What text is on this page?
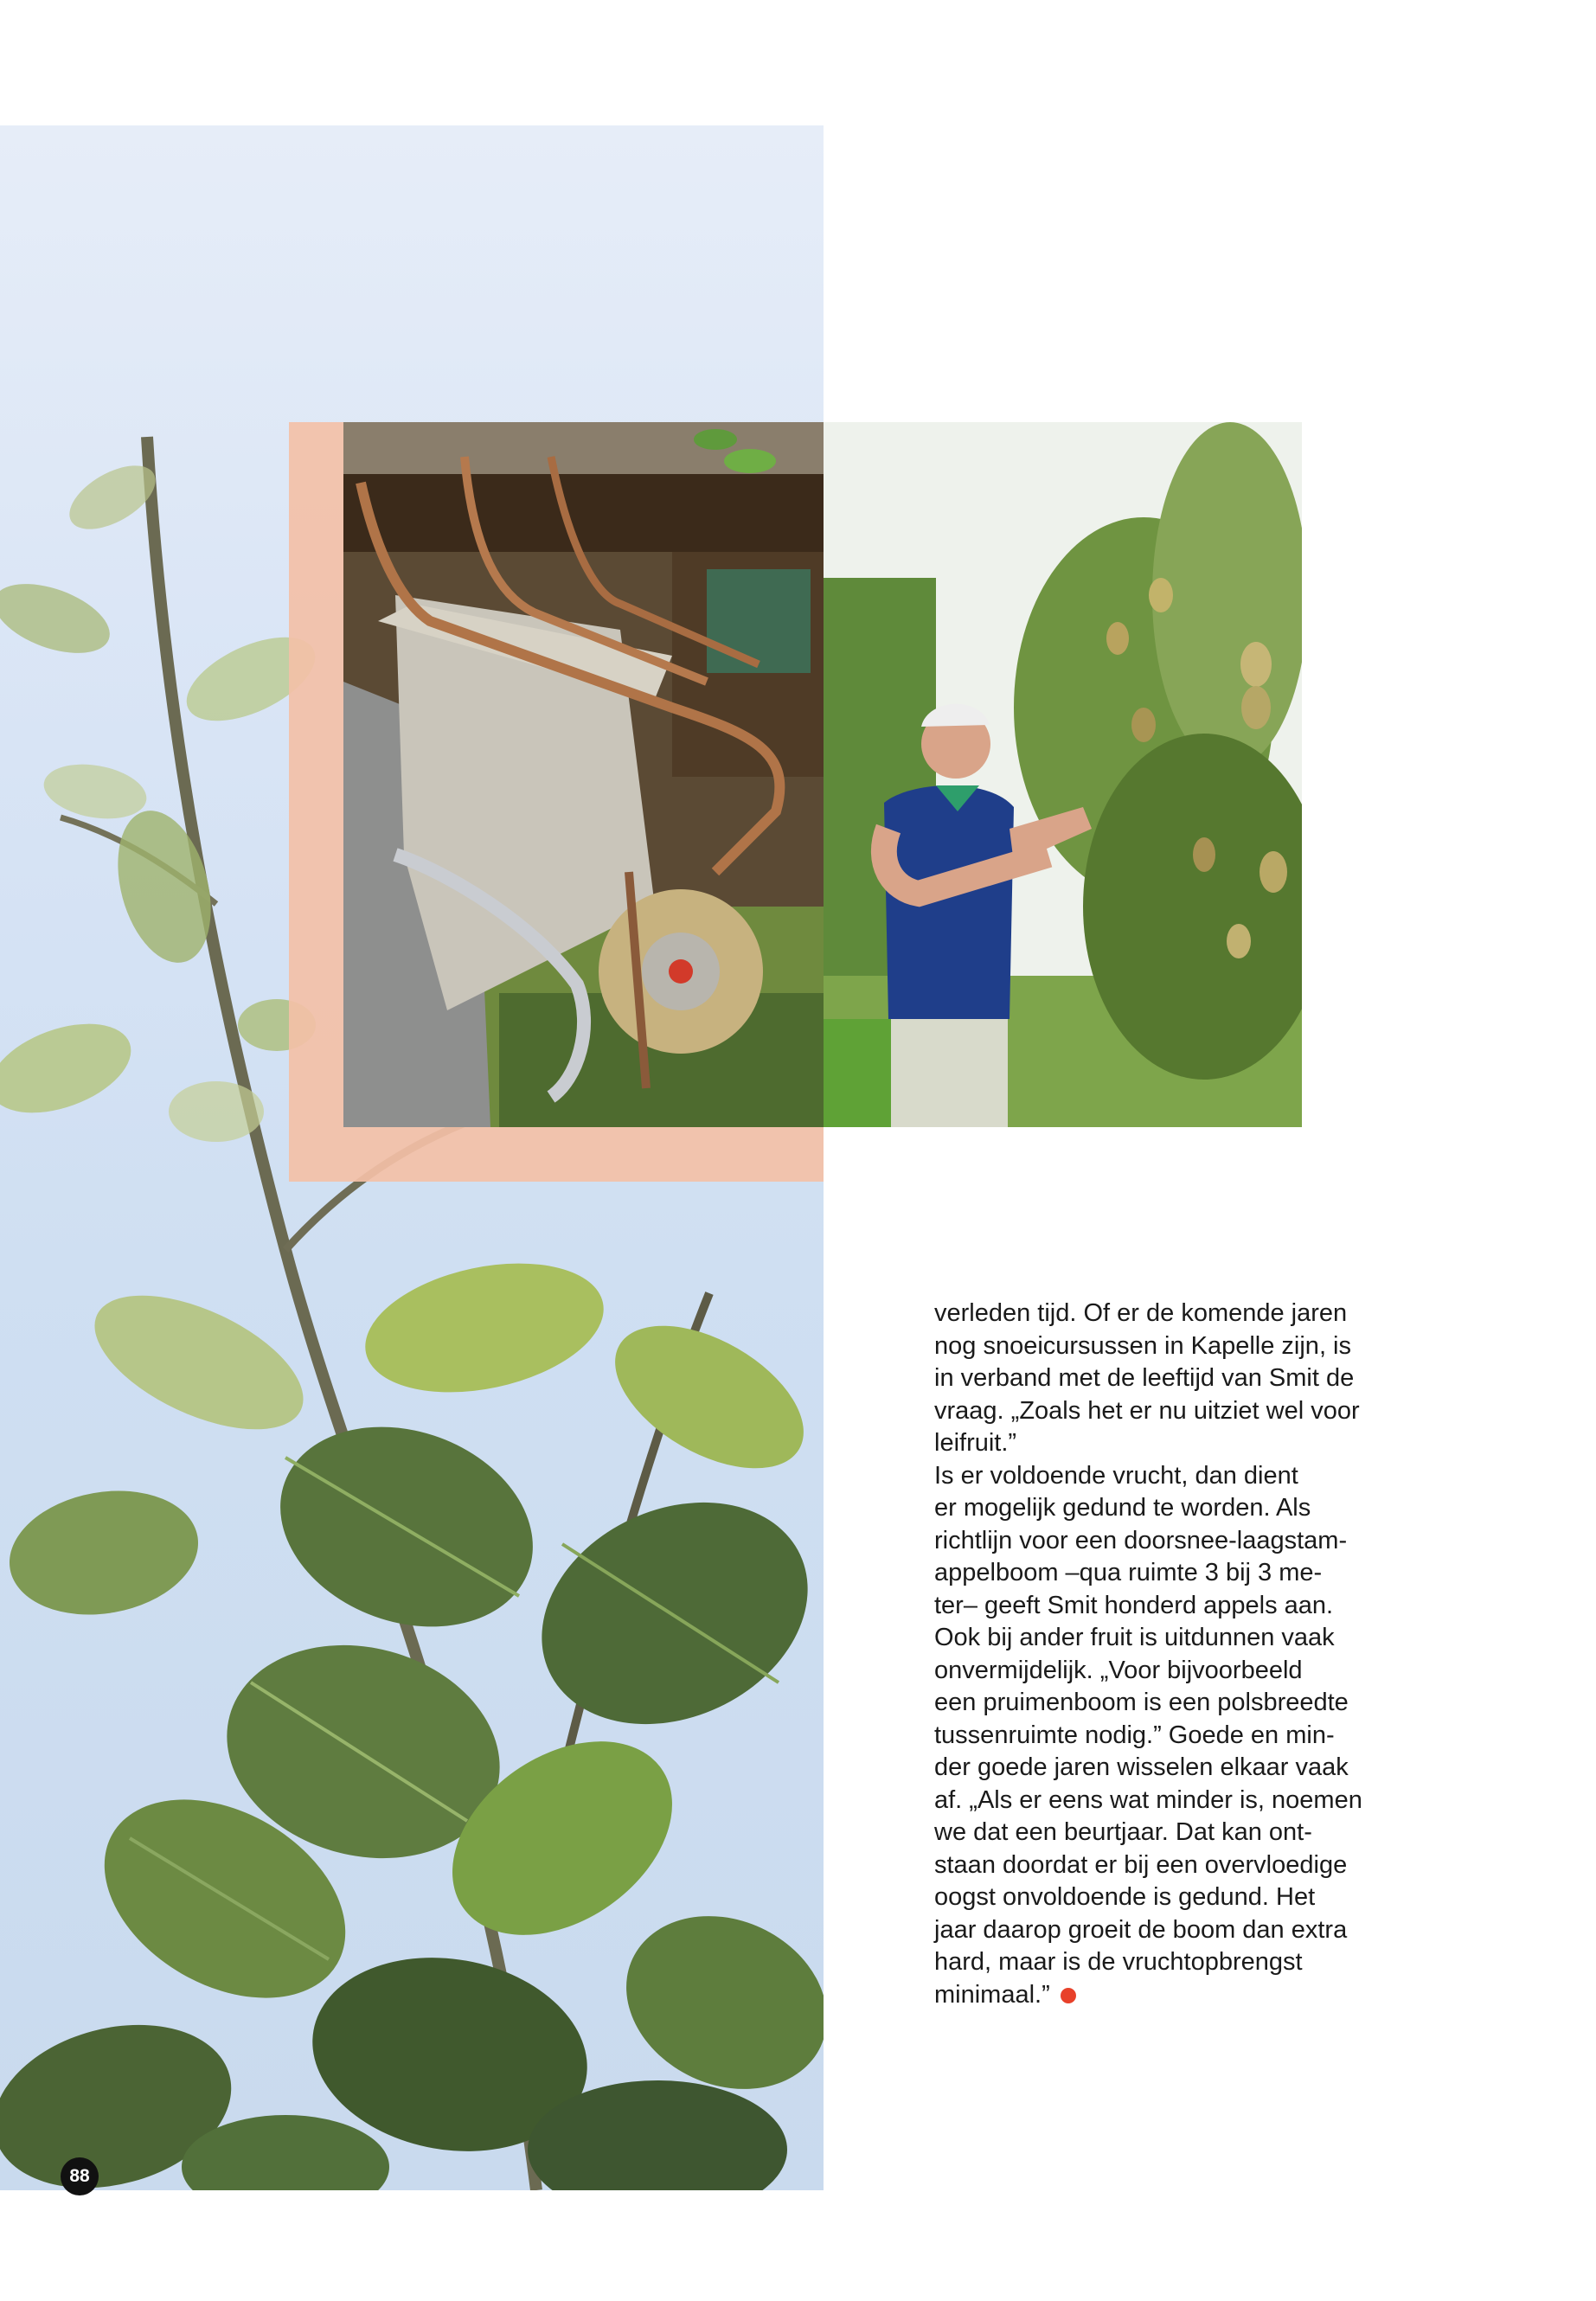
verleden tijd. Of er de komende jaren

nog snoeicursussen in Kapelle zijn, is

in verband met de leeftijd van Smit de

vraag. „Zoals het er nu uitziet wel voor

leifruit.”

Is er voldoende vrucht, dan dient

er mogelijk gedund te worden. Als

richtlijn voor een doorsnee-laagstam-

appelboom –qua ruimte 3 bij 3 me-

ter– geeft Smit honderd appels aan.

Ook bij ander fruit is uitdunnen vaak

onvermijdelijk. „Voor bijvoorbeeld

een pruimenboom is een polsbreedte

tussenruimte nodig.” Goede en min-

der goede jaren wisselen elkaar vaak

af. „Als er eens wat minder is, noemen

we dat een beurtjaar. Dat kan ont-

staan doordat er bij een overvloedige

oogst onvoldoende is gedund. Het

jaar daarop groeit de boom dan extra

hard, maar is de vruchtopbrengst

minimaal.”

88
